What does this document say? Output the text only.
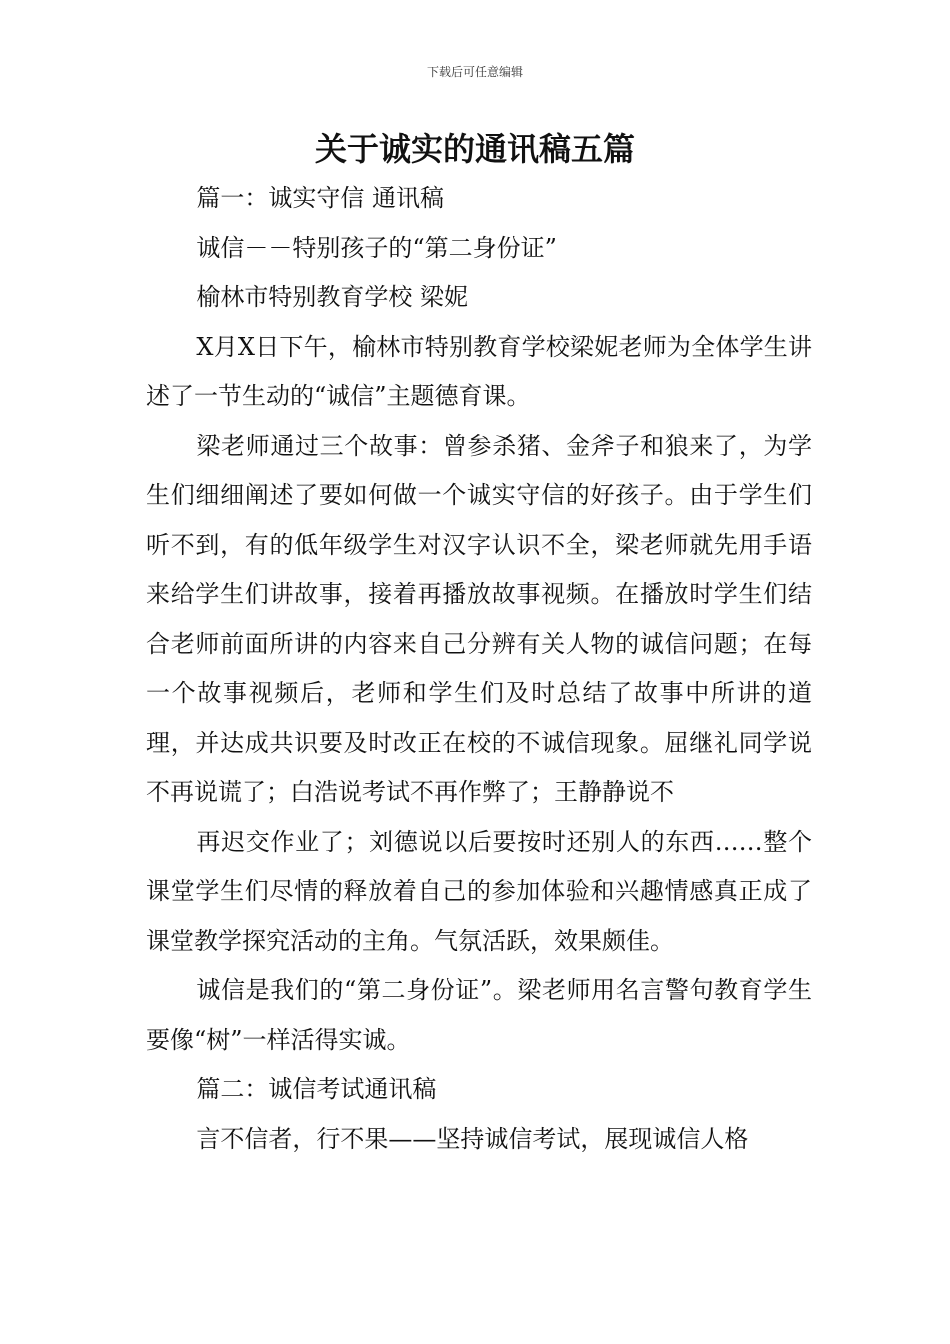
下载后可任意编辑
关于诚实的通讯稿五篇

篇一：诚实守信 通讯稿

诚信－－特别孩子的“第二身份证”

榆林市特别教育学校 梁妮

X月X日下午，榆林市特别教育学校梁妮老师为全体学生讲述了一节生动的“诚信”主题德育课。

梁老师通过三个故事：曾参杀猪、金斧子和狼来了，为学生们细细阐述了要如何做一个诚实守信的好孩子。由于学生们听不到，有的低年级学生对汉字认识不全，梁老师就先用手语来给学生们讲故事，接着再播放故事视频。在播放时学生们结合老师前面所讲的内容来自己分辨有关人物的诚信问题；在每一个故事视频后，老师和学生们及时总结了故事中所讲的道理，并达成共识要及时改正在校的不诚信现象。屈继礼同学说不再说谎了；白浩说考试不再作弊了；王静静说不

再迟交作业了；刘德说以后要按时还别人的东西……整个课堂学生们尽情的释放着自己的参加体验和兴趣情感真正成了课堂教学探究活动的主角。气氛活跃，效果颇佳。

诚信是我们的“第二身份证”。梁老师用名言警句教育学生要像“树”一样活得实诚。

篇二：诚信考试通讯稿

言不信者，行不果——坚持诚信考试，展现诚信人格
